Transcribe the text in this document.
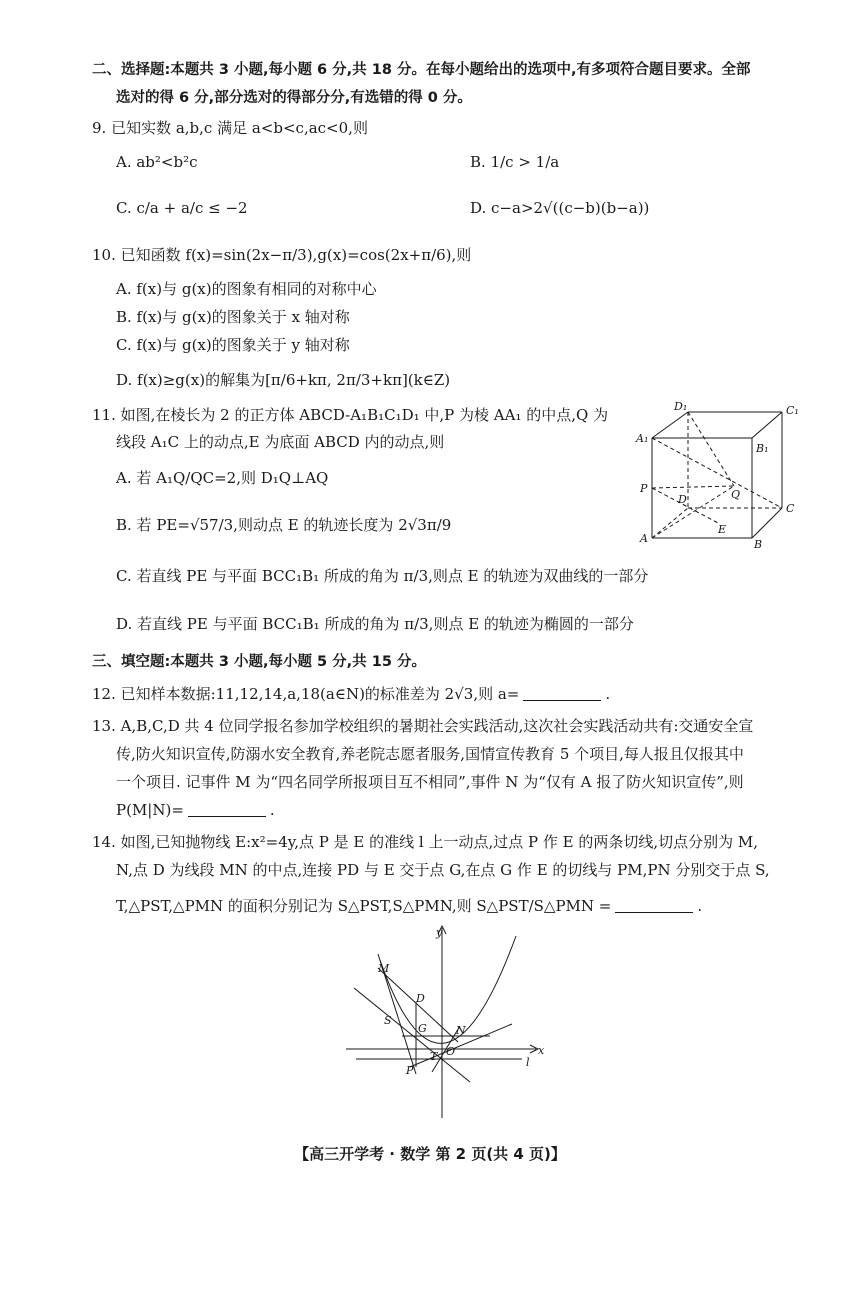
二、选择题:本题共 3 小题,每小题 6 分,共 18 分。在每小题给出的选项中,有多项符合题目要求。全部
选对的得 6 分,部分选对的得部分分,有选错的得 0 分。
9. 已知实数 a,b,c 满足 a<b<c,ac<0,则
A. ab²<b²c	B. 1/c > 1/a
C. c/a + a/c ≤ −2	D. c−a>2√((c−b)(b−a))
10. 已知函数 f(x)=sin(2x−π/3),g(x)=cos(2x+π/6),则
A. f(x)与 g(x)的图象有相同的对称中心
B. f(x)与 g(x)的图象关于 x 轴对称
C. f(x)与 g(x)的图象关于 y 轴对称
D. f(x)≥g(x)的解集为[π/6+kπ, 2π/3+kπ](k∈Z)
11. 如图,在棱长为 2 的正方体 ABCD-A₁B₁C₁D₁ 中,P 为棱 AA₁ 的中点,Q 为
线段 A₁C 上的动点,E 为底面 ABCD 内的动点,则
A. 若 A₁Q/QC=2,则 D₁Q⊥AQ
B. 若 PE=√57/3,则动点 E 的轨迹长度为 2√3π/9
C. 若直线 PE 与平面 BCC₁B₁ 所成的角为 π/3,则点 E 的轨迹为双曲线的一部分
D. 若直线 PE 与平面 BCC₁B₁ 所成的角为 π/3,则点 E 的轨迹为椭圆的一部分
D₁	C₁
A₁
B₁
P	Q
D
C
A
E
B
三、填空题:本题共 3 小题,每小题 5 分,共 15 分。
12. 已知样本数据:11,12,14,a,18(a∈N)的标准差为 2√3,则 a=	.
13. A,B,C,D 共 4 位同学报名参加学校组织的暑期社会实践活动,这次社会实践活动共有:交通安全宣
传,防火知识宣传,防溺水安全教育,养老院志愿者服务,国情宣传教育 5 个项目,每人报且仅报其中
一个项目. 记事件 M 为“四名同学所报项目互不相同”,事件 N 为“仅有 A 报了防火知识宣传”,则
P(M|N)=	.
14. 如图,已知抛物线 E:x²=4y,点 P 是 E 的准线 l 上一动点,过点 P 作 E 的两条切线,切点分别为 M,
N,点 D 为线段 MN 的中点,连接 PD 与 E 交于点 G,在点 G 作 E 的切线与 PM,PN 分别交于点 S,
T,△PST,△PMN 的面积分别记为 S△PST,S△PMN,则 S△PST/S△PMN =	.
y
x
M
D
S
G	N
O
T
P
l
【高三开学考 · 数学 第 2 页(共 4 页)】
